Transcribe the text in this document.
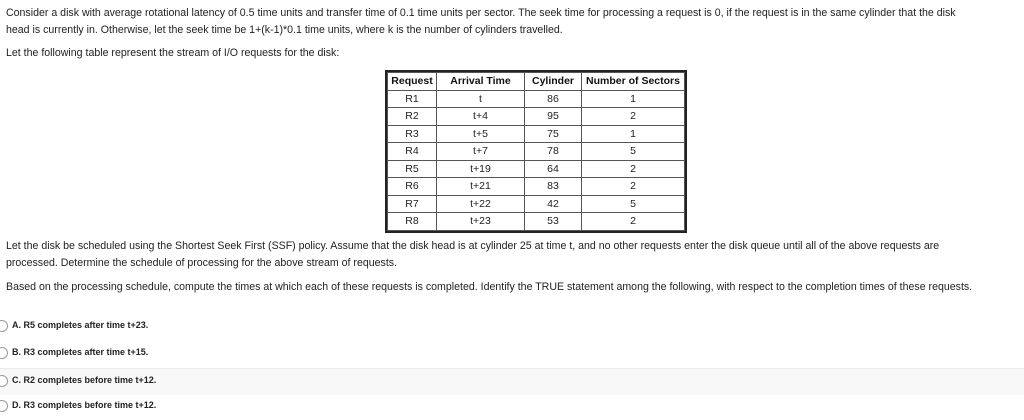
Consider a disk with average rotational latency of 0.5 time units and transfer time of 0.1 time units per sector. The seek time for processing a request is 0, if the request is in the same cylinder that the disk
head is currently in. Otherwise, let the seek time be 1+(k-1)*0.1 time units, where k is the number of cylinders travelled.

Let the following table represent the stream of I/O requests for the disk:

Request	Arrival Time	Cylinder	Number of Sectors
R1	t	86	1
R2	t+4	95	2
R3	t+5	75	1
R4	t+7	78	5
R5	t+19	64	2
R6	t+21	83	2
R7	t+22	42	5
R8	t+23	53	2

Let the disk be scheduled using the Shortest Seek First (SSF) policy. Assume that the disk head is at cylinder 25 at time t, and no other requests enter the disk queue until all of the above requests are
processed. Determine the schedule of processing for the above stream of requests.

Based on the processing schedule, compute the times at which each of these requests is completed. Identify the TRUE statement among the following, with respect to the completion times of these requests.

A. R5 completes after time t+23.
B. R3 completes after time t+15.
C. R2 completes before time t+12.
D. R3 completes before time t+12.
